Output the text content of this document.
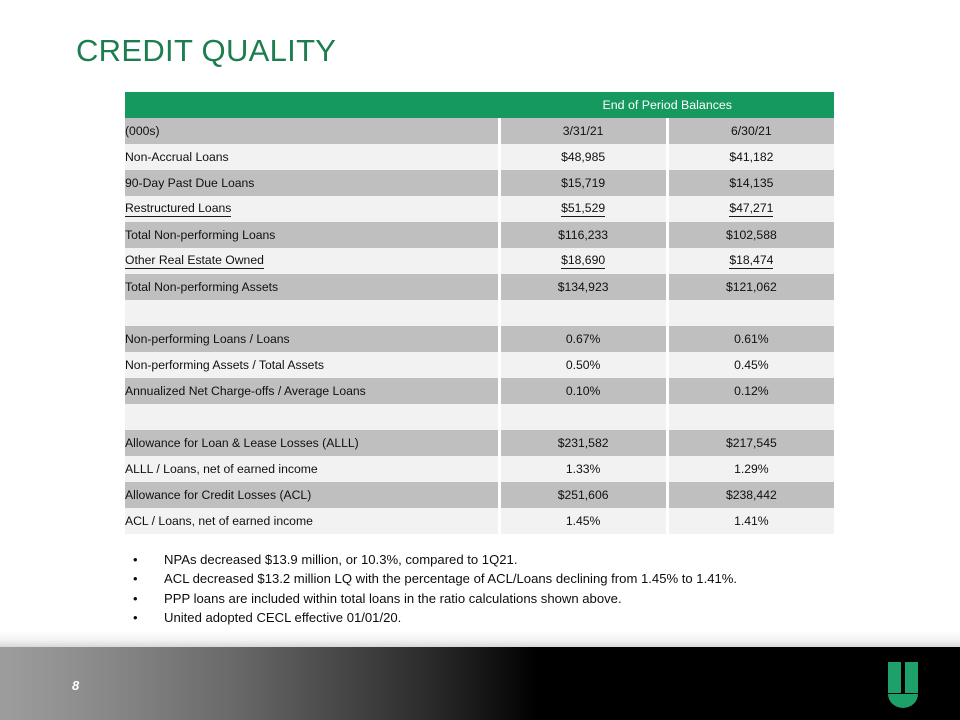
CREDIT QUALITY
		End of Period Balances		
(000s)		3/31/21		6/30/21
Non-Accrual Loans		$48,985		$41,182
90-Day Past Due Loans		$15,719		$14,135
Restructured Loans		$51,529		$47,271
Total Non-performing Loans		$116,233		$102,588
Other Real Estate Owned		$18,690		$18,474
Total Non-performing Assets		$134,923		$121,062

Non-performing Loans / Loans		0.67%		0.61%
Non-performing Assets / Total Assets		0.50%		0.45%
Annualized Net Charge-offs / Average Loans		0.10%		0.12%

Allowance for Loan & Lease Losses (ALLL)		$231,582		$217,545
ALLL / Loans, net of earned income		1.33%		1.29%
Allowance for Credit Losses (ACL)		$251,606		$238,442
ACL / Loans, net of earned income		1.45%		1.41%
•	NPAs decreased $13.9 million, or 10.3%, compared to 1Q21.
•	ACL decreased $13.2 million LQ with the percentage of ACL/Loans declining from 1.45% to 1.41%.
•	PPP loans are included within total loans in the ratio calculations shown above.
•	United adopted CECL effective 01/01/20.
8
